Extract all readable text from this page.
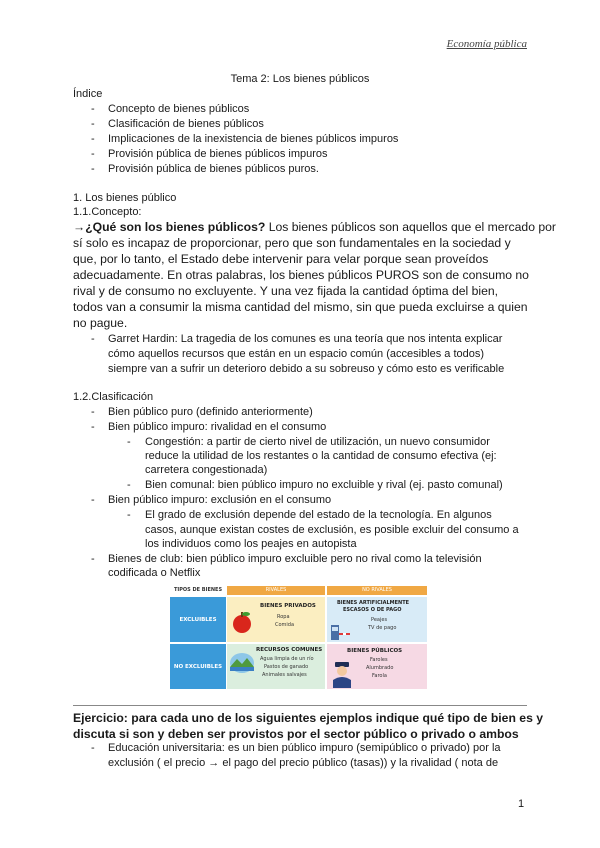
Economía pública
Tema 2: Los bienes públicos
Índice
- Concepto de bienes públicos
- Clasificación de bienes públicos
- Implicaciones de la inexistencia de bienes públicos impuros
- Provisión pública de bienes públicos impuros
- Provisión pública de bienes públicos puros.
1. Los bienes público
1.1.Concepto:
→¿Qué son los bienes públicos? Los bienes públicos son aquellos que el mercado por
sí solo es incapaz de proporcionar, pero que son fundamentales en la sociedad y
que, por lo tanto, el Estado debe intervenir para velar porque sean proveídos
adecuadamente. En otras palabras, los bienes públicos PUROS son de consumo no
rival y de consumo no excluyente. Y una vez fijada la cantidad óptima del bien,
todos van a consumir la misma cantidad del mismo, sin que pueda excluirse a quien
no pague.
- Garret Hardin: La tragedia de los comunes es una teoría que nos intenta explicar
cómo aquellos recursos que están en un espacio común (accesibles a todos)
siempre van a sufrir un deterioro debido a su sobreuso y cómo esto es verificable
1.2.Clasificación
- Bien público puro (definido anteriormente)
- Bien público impuro: rivalidad en el consumo
- Congestión: a partir de cierto nivel de utilización, un nuevo consumidor
reduce la utilidad de los restantes o la cantidad de consumo efectiva (ej:
carretera congestionada)
- Bien comunal: bien público impuro no excluible y rival (ej. pasto comunal)
- Bien público impuro: exclusión en el consumo
- El grado de exclusión depende del estado de la tecnología. En algunos
casos, aunque existan costes de exclusión, es posible excluir del consumo a
los individuos como los peajes en autopista
- Bienes de club: bien público impuro excluible pero no rival como la televisión
codificada o Netflix
TIPOS DE BIENES	RIVALES	NO RIVALES
EXCLUIBLES
NO EXCLUIBLES
BIENES PRIVADOS
Ropa
Comida
BIENES ARTIFICIALMENTE
ESCASOS O DE PAGO
Peajes
TV de pago
RECURSOS COMUNES
Agua limpia de un río
Pastos de ganado
Animales salvajes
BIENES PÚBLICOS
Faroles
Alumbrado
Farola
Ejercicio: para cada uno de los siguientes ejemplos indique qué tipo de bien es y
discuta si son y deben ser provistos por el sector público o privado o ambos
- Educación universitaria: es un bien público impuro (semipúblico o privado) por la
exclusión ( el precio → el pago del precio público (tasas)) y la rivalidad ( nota de
1
